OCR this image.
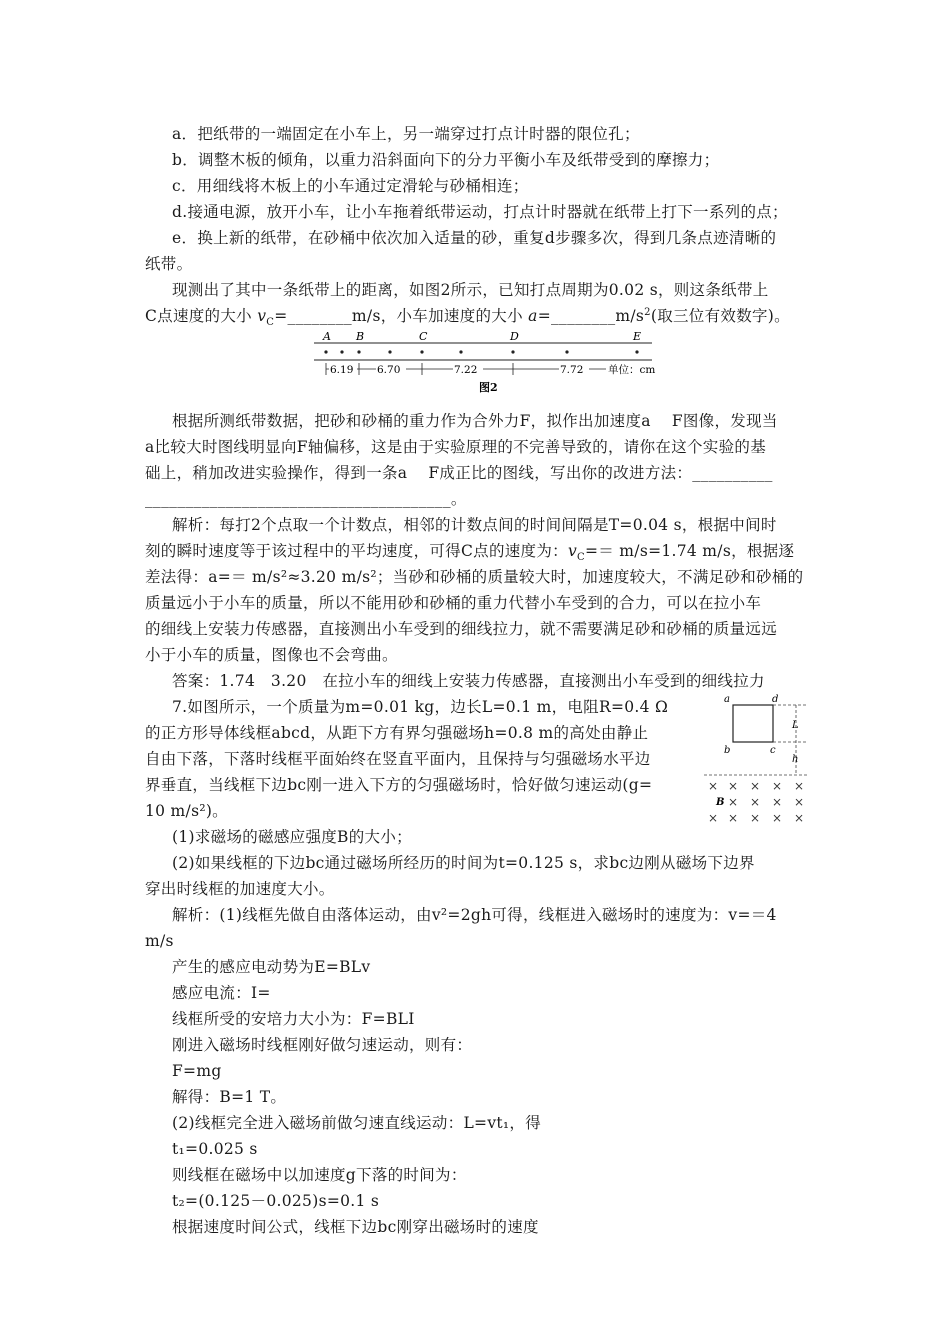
a．把纸带的一端固定在小车上，另一端穿过打点计时器的限位孔；
b．调整木板的倾角，以重力沿斜面向下的分力平衡小车及纸带受到的摩擦力；
c．用细线将木板上的小车通过定滑轮与砂桶相连；
d.接通电源，放开小车，让小车拖着纸带运动，打点计时器就在纸带上打下一系列的点；
e．换上新的纸带，在砂桶中依次加入适量的砂，重复d步骤多次，得到几条点迹清晰的
纸带。
现测出了其中一条纸带上的距离，如图2所示，已知打点周期为0.02 s，则这条纸带上
C点速度的大小 $v_C=\_\_\_\_\_\_\_\_m/s$，小车加速度的大小 $a=\_\_\_\_\_\_\_\_m/s^2$(取三位有效数字)。
A B	C	D	E
6.19 6.70	7.22	7.72 单位：cm
图2
根据所测纸带数据，把砂和砂桶的重力作为合外力F，拟作出加速度a　 F图像，发现当
a比较大时图线明显向F轴偏移，这是由于实验原理的不完善导致的，请你在这个实验的基
础上，稍加改进实验操作，得到一条a　 F成正比的图线，写出你的改进方法：__________
______________________________________。
解析：每打2个点取一个计数点，相邻的计数点间的时间间隔是T=0.04 s，根据中间时
刻的瞬时速度等于该过程中的平均速度，可得C点的速度为：$v_C== m/s=1.74$ m/s，根据逐
差法得：a=＝ m/s²≈3.20 m/s²；当砂和砂桶的质量较大时，加速度较大，不满足砂和砂桶的
质量远小于小车的质量，所以不能用砂和砂桶的重力代替小车受到的合力，可以在拉小车
的细线上安装力传感器，直接测出小车受到的细线拉力，就不需要满足砂和砂桶的质量远远
小于小车的质量，图像也不会弯曲。
答案：1.74　3.20　在拉小车的细线上安装力传感器，直接测出小车受到的细线拉力
7.如图所示，一个质量为m=0.01 kg，边长L=0.1 m，电阻R=0.4 Ω
的正方形导体线框abcd，从距下方有界匀强磁场h=0.8 m的高处由静止
自由下落，下落时线框平面始终在竖直平面内，且保持与匀强磁场水平边
界垂直，当线框下边bc刚一进入下方的匀强磁场时，恰好做匀速运动(g=
10 m/s²)。
(1)求磁场的磁感应强度B的大小；
(2)如果线框的下边bc通过磁场所经历的时间为t=0.125 s，求bc边刚从磁场下边界
穿出时线框的加速度大小。
a	d
b	c
L
h
× × × × ×
× × × ×
× × × × ×
B
解析：(1)线框先做自由落体运动，由v²=2gh可得，线框进入磁场时的速度为：v=＝4
m/s
产生的感应电动势为E=BLv
感应电流：I=
线框所受的安培力大小为：F=BLI
刚进入磁场时线框刚好做匀速运动，则有：
F=mg
解得：B=1 T。
(2)线框完全进入磁场前做匀速直线运动：L=vt₁，得
t₁=0.025 s
则线框在磁场中以加速度g下落的时间为：
t₂=(0.125－0.025)s=0.1 s
根据速度时间公式，线框下边bc刚穿出磁场时的速度
